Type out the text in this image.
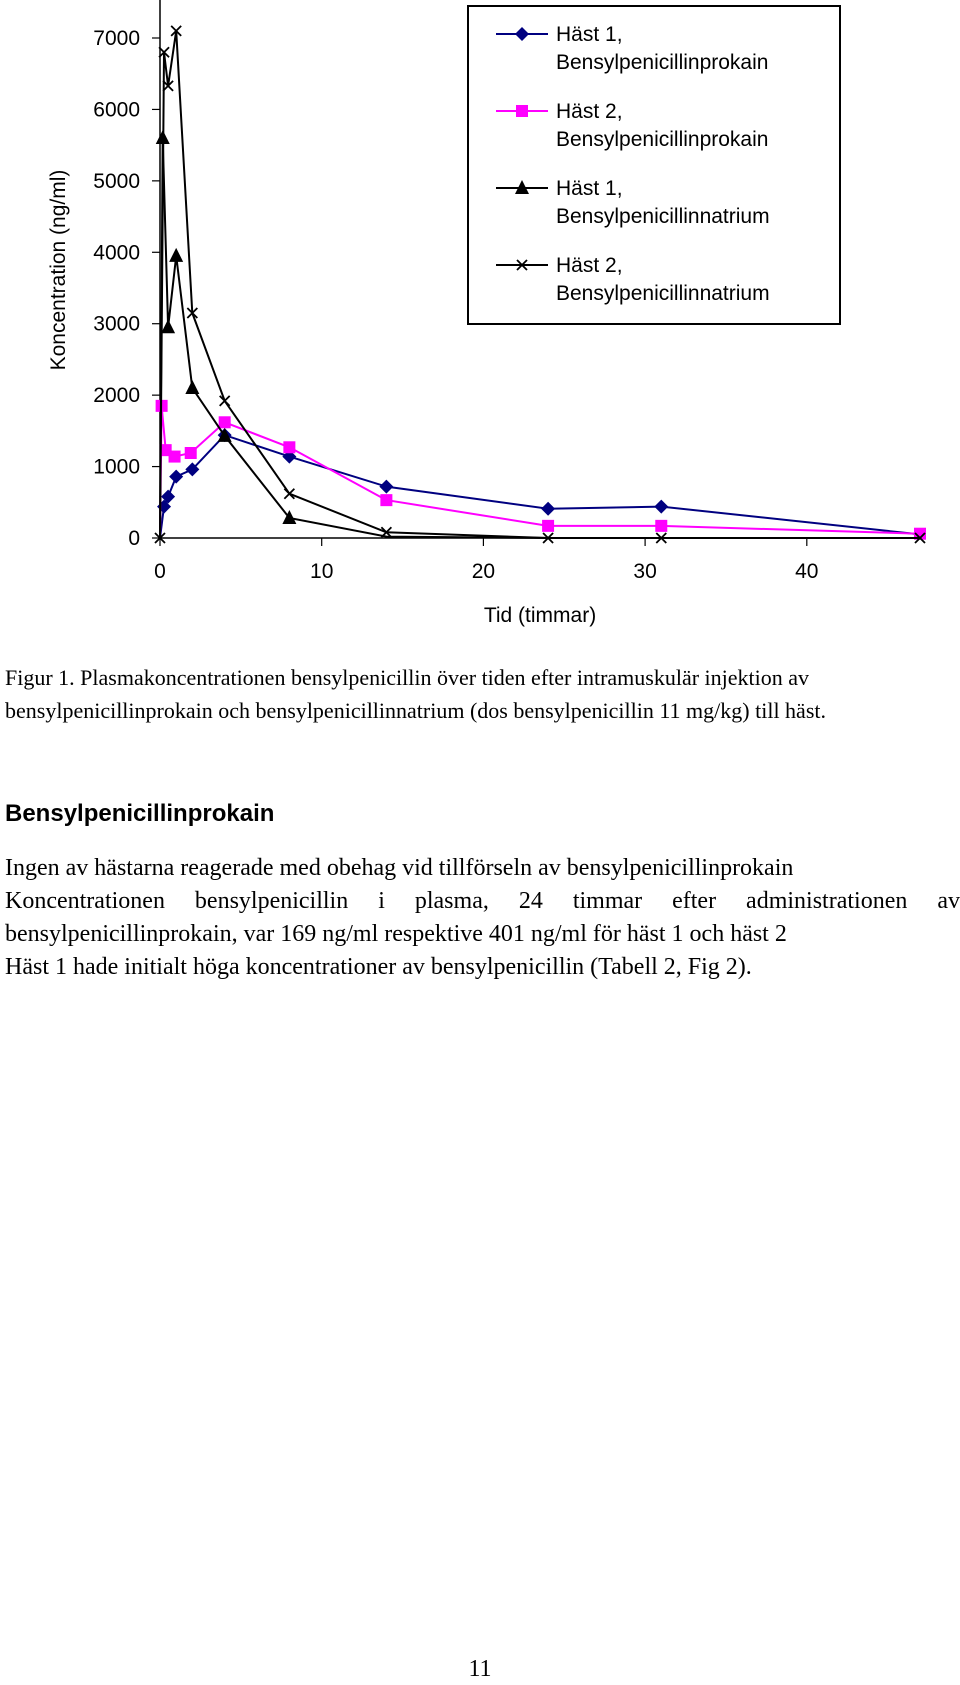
0
1000
2000
3000
4000
5000
6000
7000
0	10	20	30	40
Tid (timmar)
Koncentration (ng/ml)
Häst 1,
Bensylpenicillinprokain
Häst 2,
Bensylpenicillinprokain
Häst 1,
Bensylpenicillinnatrium
Häst 2,
Bensylpenicillinnatrium

Figur 1. Plasmakoncentrationen bensylpenicillin över tiden efter intramuskulär injektion av bensylpenicillinprokain och bensylpenicillinnatrium (dos bensylpenicillin 11 mg/kg) till häst.

Bensylpenicillinprokain

Ingen av hästarna reagerade med obehag vid tillförseln av bensylpenicillinprokain
Koncentrationen bensylpenicillin i plasma, 24 timmar efter administrationen av
bensylpenicillinprokain, var 169 ng/ml respektive 401 ng/ml för häst 1 och häst 2
Häst 1 hade initialt höga koncentrationer av bensylpenicillin (Tabell 2, Fig 2).

11
